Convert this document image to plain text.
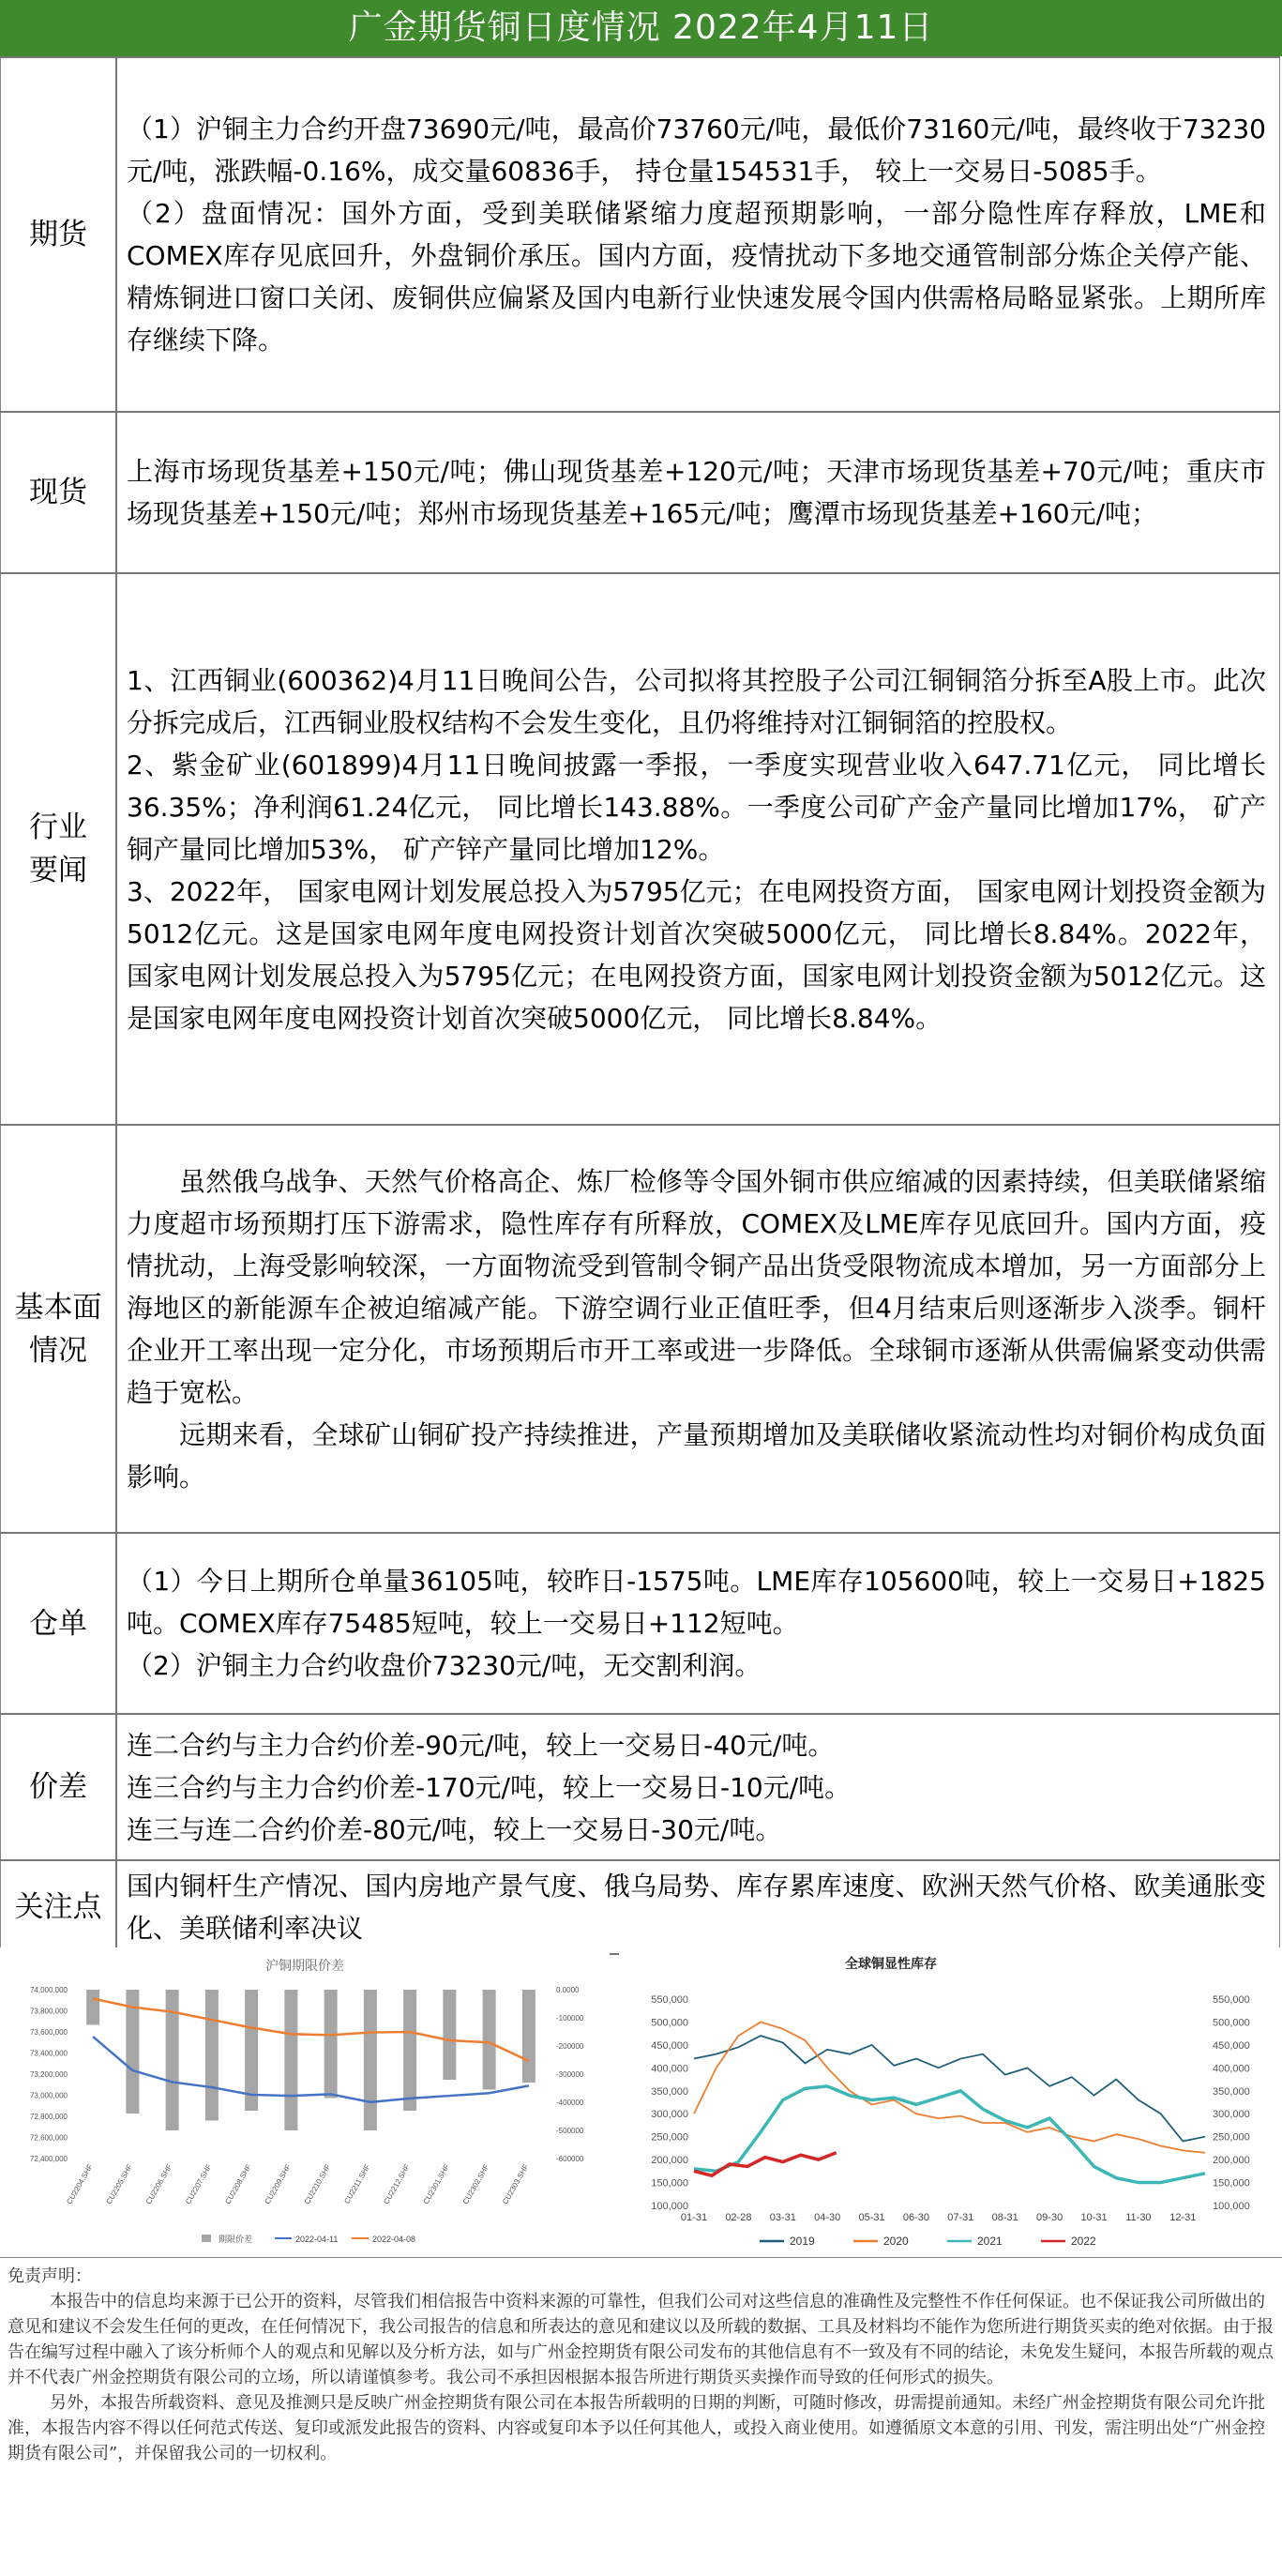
广金期货铜日度情况 2022年4月11日
期货	（1）沪铜主力合约开盘73690元/吨，最高价73760元/吨，最低价73160元/吨，最终收于73230元/吨，涨跌幅-0.16%，成交量60836手， 持仓量154531手， 较上一交易日-5085手。

（2）盘面情况：国外方面，受到美联储紧缩力度超预期影响，一部分隐性库存释放，LME和COMEX库存见底回升，外盘铜价承压。国内方面，疫情扰动下多地交通管制部分炼企关停产能、精炼铜进口窗口关闭、废铜供应偏紧及国内电新行业快速发展令国内供需格局略显紧张。上期所库存继续下降。

现货	上海市场现货基差+150元/吨；佛山现货基差+120元/吨；天津市场现货基差+70元/吨；重庆市场现货基差+150元/吨；郑州市场现货基差+165元/吨；鹰潭市场现货基差+160元/吨；

行业要闻	1、江西铜业(600362)4月11日晚间公告，公司拟将其控股子公司江铜铜箔分拆至A股上市。此次分拆完成后，江西铜业股权结构不会发生变化，且仍将维持对江铜铜箔的控股权。

2、紫金矿业(601899)4月11日晚间披露一季报，一季度实现营业收入647.71亿元， 同比增长36.35%；净利润61.24亿元， 同比增长143.88%。一季度公司矿产金产量同比增加17%， 矿产铜产量同比增加53%， 矿产锌产量同比增加12%。

3、2022年， 国家电网计划发展总投入为5795亿元；在电网投资方面， 国家电网计划投资金额为5012亿元。这是国家电网年度电网投资计划首次突破5000亿元， 同比增长8.84%。2022年， 国家电网计划发展总投入为5795亿元；在电网投资方面，国家电网计划投资金额为5012亿元。这是国家电网年度电网投资计划首次突破5000亿元， 同比增长8.84%。

基本面情况	虽然俄乌战争、天然气价格高企、炼厂检修等令国外铜市供应缩减的因素持续，但美联储紧缩力度超市场预期打压下游需求，隐性库存有所释放，COMEX及LME库存见底回升。国内方面，疫情扰动，上海受影响较深，一方面物流受到管制令铜产品出货受限物流成本增加，另一方面部分上海地区的新能源车企被迫缩减产能。下游空调行业正值旺季，但4月结束后则逐渐步入淡季。铜杆企业开工率出现一定分化，市场预期后市开工率或进一步降低。全球铜市逐渐从供需偏紧变动供需趋于宽松。

远期来看，全球矿山铜矿投产持续推进，产量预期增加及美联储收紧流动性均对铜价构成负面影响。

仓单	（1）今日上期所仓单量36105吨，较昨日-1575吨。LME库存105600吨，较上一交易日+1825吨。COMEX库存75485短吨，较上一交易日+112短吨。

（2）沪铜主力合约收盘价73230元/吨，无交割利润。

价差	连二合约与主力合约价差-90元/吨，较上一交易日-40元/吨。

连三合约与主力合约价差-170元/吨，较上一交易日-10元/吨。

连三与连二合约价差-80元/吨，较上一交易日-30元/吨。

关注点	国内铜杆生产情况、国内房地产景气度、俄乌局势、库存累库速度、欧洲天然气价格、欧美通胀变化、美联储利率决议

沪铜期限价差
74,000,000
73,800,000
73,600,000
73,400,000
73,200,000
73,000,000
72,800,000
72,600,000
72,400,000
0.0000
-100000
-200000
-300000
-400000
-500000
-600000
CU2204.SHF CU2205.SHF CU2206.SHF CU2207.SHF CU2208.SHF CU2209.SHF CU2210.SHF CU2211.SHF CU2212.SHF CU2301.SHF CU2302.SHF CU2303.SHF
期限价差	2022-04-11	2022-04-08
全球铜显性库存
550,000
500,000
450,000
400,000
350,000
300,000
250,000
200,000
150,000
100,000
550,000
500,000
450,000
400,000
350,000
300,000
250,000
200,000
150,000
100,000
01-31 02-28 03-31 04-30 05-31 06-30 07-31 08-31 09-30 10-31 11-30 12-31
2019	2020	2021	2022

免责声明：

本报告中的信息均来源于已公开的资料，尽管我们相信报告中资料来源的可靠性，但我们公司对这些信息的准确性及完整性不作任何保证。也不保证我公司所做出的意见和建议不会发生任何的更改，在任何情况下，我公司报告的信息和所表达的意见和建议以及所载的数据、工具及材料均不能作为您所进行期货买卖的绝对依据。由于报告在编写过程中融入了该分析师个人的观点和见解以及分析方法，如与广州金控期货有限公司发布的其他信息有不一致及有不同的结论，未免发生疑问，本报告所载的观点并不代表广州金控期货有限公司的立场，所以请谨慎参考。我公司不承担因根据本报告所进行期货买卖操作而导致的任何形式的损失。

另外，本报告所载资料、意见及推测只是反映广州金控期货有限公司在本报告所载明的日期的判断，可随时修改，毋需提前通知。未经广州金控期货有限公司允许批准，本报告内容不得以任何范式传送、复印或派发此报告的资料、内容或复印本予以任何其他人，或投入商业使用。如遵循原文本意的引用、刊发，需注明出处“广州金控期货有限公司”，并保留我公司的一切权利。
